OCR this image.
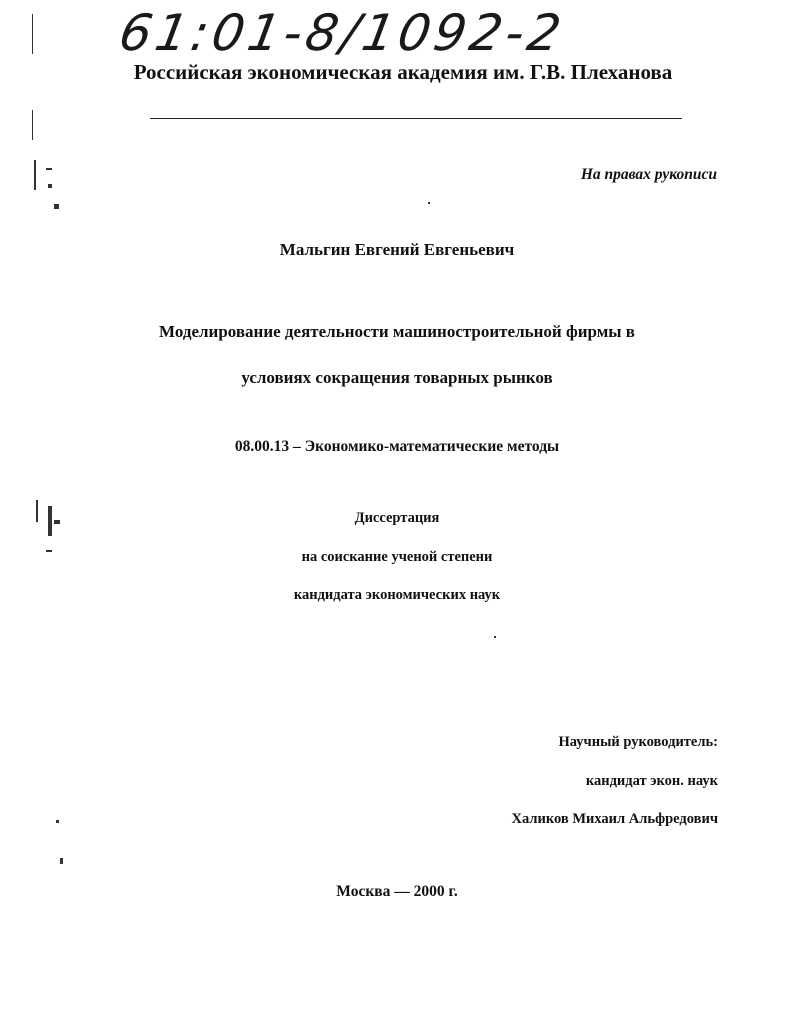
61:01-8/1092-2
Российская экономическая академия им. Г.В. Плеханова
На правах рукописи
Мальгин Евгений Евгеньевич
Моделирование деятельности машиностроительной фирмы в
условиях сокращения товарных рынков
08.00.13 – Экономико-математические методы
Диссертация
на соискание ученой степени
кандидата экономических наук
Научный руководитель:
кандидат экон. наук
Халиков Михаил Альфредович
Москва — 2000 г.
